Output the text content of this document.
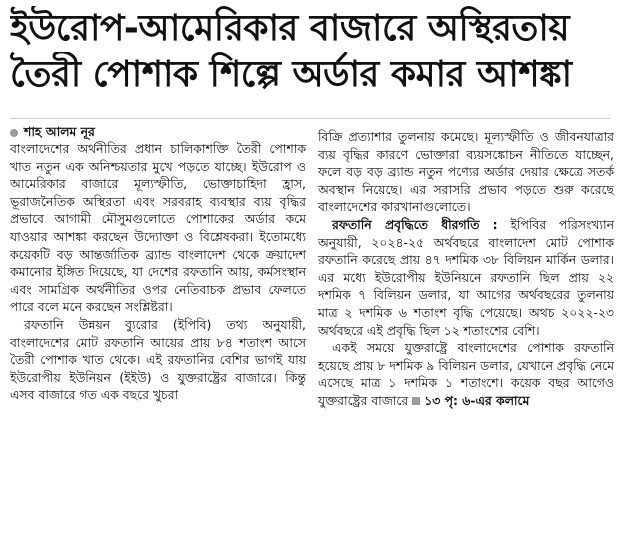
ইউরোপ-আমেরিকার বাজারে অস্থিরতায়
তৈরী পোশাক শিল্পে অর্ডার কমার আশঙ্কা
শাহ আলম নূর

বাংলাদেশের অর্থনীতির প্রধান চালিকাশক্তি তৈরী পোশাক খাত নতুন এক অনিশ্চয়তার মুখে পড়তে যাচ্ছে। ইউরোপ ও আমেরিকার বাজারে মূল্যস্ফীতি, ভোক্তাচাহিদা হ্রাস, ভূরাজনৈতিক অস্থিরতা এবং সরবরাহ ব্যবস্থার ব্যয় বৃদ্ধির প্রভাবে আগামী মৌসুমগুলোতে পোশাকের অর্ডার কমে যাওয়ার আশঙ্কা করছেন উদ্যোক্তা ও বিশ্লেষকরা। ইতোমধ্যে কয়েকটি বড় আন্তর্জাতিক ব্র্যান্ড বাংলাদেশ থেকে ক্রয়াদেশ কমানোর ইঙ্গিত দিয়েছে, যা দেশের রফতানি আয়, কর্মসংস্থান এবং সামগ্রিক অর্থনীতির ওপর নেতিবাচক প্রভাব ফেলতে পারে বলে মনে করছেন সংশ্লিষ্টরা।

রফতানি উন্নয়ন ব্যুরোর (ইপিবি) তথ্য অনুযায়ী, বাংলাদেশের মোট রফতানি আয়ের প্রায় ৮৪ শতাংশ আসে তৈরী পোশাক খাত থেকে। এই রফতানির বেশির ভাগই যায় ইউরোপীয় ইউনিয়ন (ইইউ) ও যুক্তরাষ্ট্রের বাজারে। কিন্তু এসব বাজারে গত এক বছরে খুচরা

বিক্রি প্রত্যাশার তুলনায় কমেছে। মূল্যস্ফীতি ও জীবনযাত্রার ব্যয় বৃদ্ধির কারণে ভোক্তারা ব্যয়সঙ্কোচন নীতিতে যাচ্ছেন, ফলে বড় বড় ব্র্যান্ড নতুন পণ্যের অর্ডার দেয়ার ক্ষেত্রে সতর্ক অবস্থান নিয়েছে। এর সরাসরি প্রভাব পড়তে শুরু করেছে বাংলাদেশের কারখানাগুলোতে।

রফতানি প্রবৃদ্ধিতে ধীরগতি : ইপিবির পরিসংখ্যান অনুযায়ী, ২০২৪-২৫ অর্থবছরে বাংলাদেশ মোট পোশাক রফতানি করেছে প্রায় ৪৭ দশমিক ৩৮ বিলিয়ন মার্কিন ডলার। এর মধ্যে ইউরোপীয় ইউনিয়নে রফতানি ছিল প্রায় ২২ দশমিক ৭ বিলিয়ন ডলার, যা আগের অর্থবছরের তুলনায় মাত্র ২ দশমিক ৬ শতাংশ বৃদ্ধি পেয়েছে। অথচ ২০২২-২৩ অর্থবছরে এই প্রবৃদ্ধি ছিল ১২ শতাংশের বেশি।

একই সময়ে যুক্তরাষ্ট্রে বাংলাদেশের পোশাক রফতানি হয়েছে প্রায় ৮ দশমিক ৯ বিলিয়ন ডলার, যেখানে প্রবৃদ্ধি নেমে এসেছে মাত্র ১ দশমিক ১ শতাংশে। কয়েক বছর আগেও যুক্তরাষ্ট্রের বাজারে ১৩ পৃ: ৬-এর কলামে
